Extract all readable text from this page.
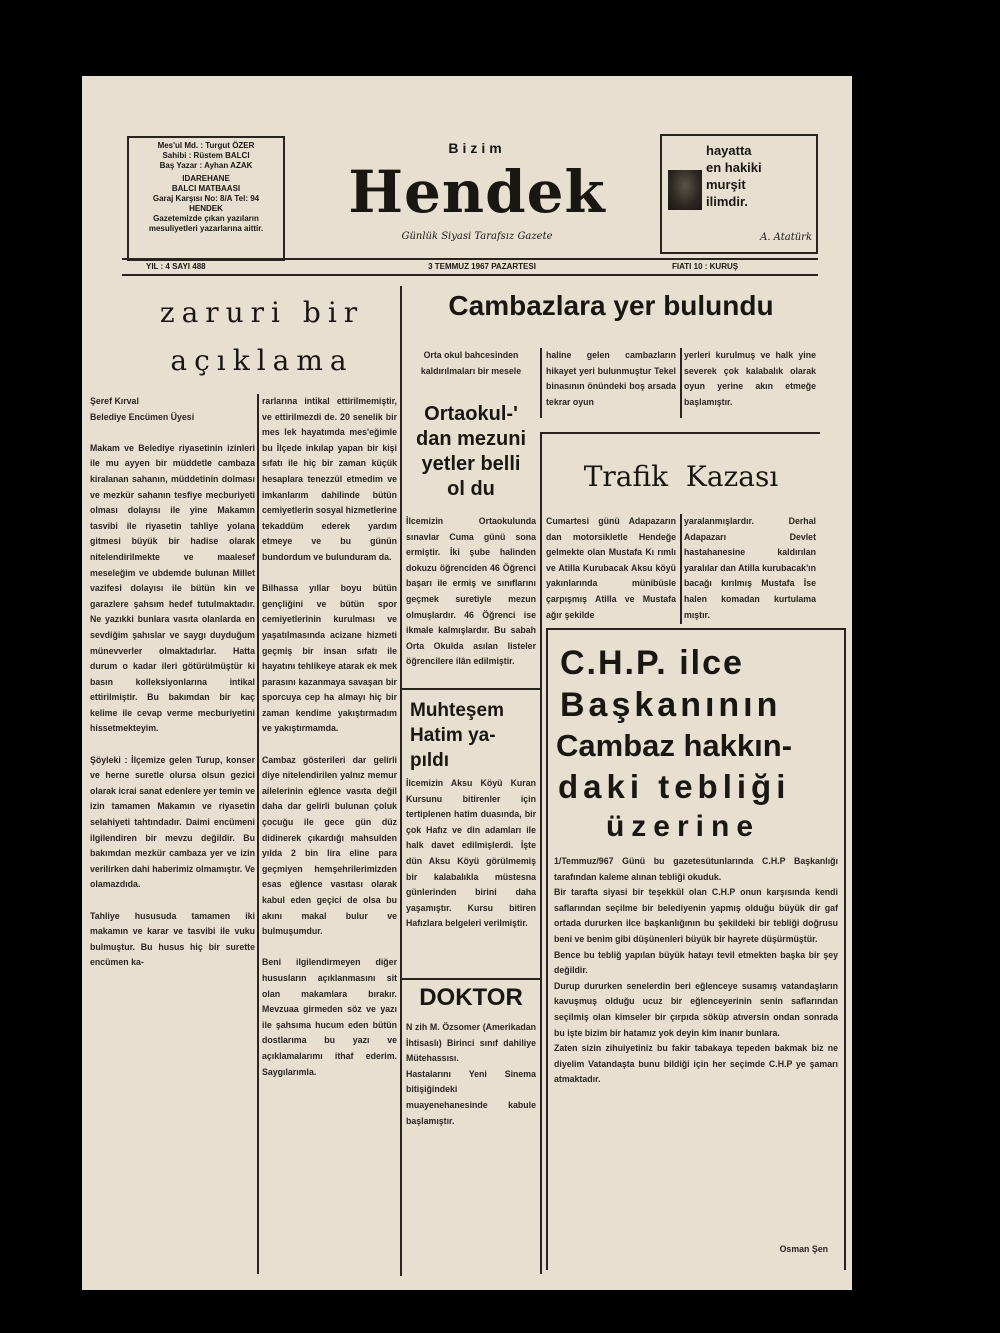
Mes'ul Md. : Turgut ÖZER
Sahibi : Rüstem BALCI
Baş Yazar : Ayhan AZAK
IDAREHANE
BALCI MATBAASI
Garaj Karşısı No: 8/A Tel: 94
HENDEK
Gazetemizde çıkan yazıların
mesuliyetleri yazarlarına aittir.
Bizim
Hendek
Günlük Siyasi Tarafsız Gazete
hayatta
en hakiki
murşit
ilimdir.
A. Atatürk
YIL : 4 SAYI 488	3 TEMMUZ 1967 PAZARTESI	FIATI 10 : KURUŞ
zaruri bir
açıklama
Şeref Kırval
Belediye Encümen Üyesi

Makam ve Belediye riyasetinin izinleri ile mu ayyen bir müddetle cambaza kiralanan sahanın, müddetinin dolması ve mezkür sahanın tesfiye mecburiyeti olması dolayısı ile yine Makamın tasvibi ile riyasetin tahliye yolana gitmesi büyük bir hadise olarak nitelendirilmekte ve maalesef meseleğim ve ubdemde bulunan Millet vazifesi dolayısı ile bütün kin ve garazlere şahsım hedef tutulmaktadır. Ne yazıkki bunlara vasıta olanlarda en sevdiğim şahıslar ve saygı duyduğum münevverler olmaktadırlar. Hatta durum o kadar ileri götürülmüştür ki basın kolleksiyonlarına intikal ettirilmiştir. Bu bakımdan bir kaç kelime ile cevap verme mecburiyetini hissetmekteyim.

Şöyleki : İlçemize gelen Turup, konser ve herne suretle olursa olsun gezici olarak icrai sanat edenlere yer temin ve izin tamamen Makamın ve riyasetin selahiyeti tahtındadır. Daimi encümeni ilgilendiren bir mevzu değildir. Bu bakımdan mezkür cambaza yer ve izin verilirken dahi haberimiz olmamıştır. Ve olamazdıda.

Tahliye hususuda tamamen iki makamın ve karar ve tasvibi ile vuku bulmuştur. Bu husus hiç bir surette encümen ka-
rarlarına intikal ettirilmemiştir, ve ettirilmezdi de. 20 senelik bir mes lek hayatımda mes'eğimle bu İlçede inkılap yapan bir kişi sıfatı ile hiç bir zaman küçük hesaplara tenezzül etmedim ve imkanlarım dahilinde bütün cemiyetlerin sosyal hizmetlerine tekaddüm ederek yardım etmeye ve bu günün bundordum ve bulunduram da.

Bilhassa yıllar boyu bütün gençliğini ve bütün spor cemiyetlerinin kurulması ve yaşatılmasında acizane hizmeti geçmiş bir insan sıfatı ile hayatını tehlikeye atarak ek mek parasını kazanmaya savaşan bir sporcuya cep ha almayı hiç bir zaman kendime yakıştırmadım ve yakıştırmamda.

Cambaz gösterileri dar gelirli diye nitelendirilen yalnız memur ailelerinin eğlence vasıta değil daha dar gelirli bulunan çoluk çocuğu ile gece gün düz didinerek çıkardığı mahsulden yılda 2 bin lira eline para geçmiyen hemşehrilerimizden esas eğlence vasıtası olarak kabul eden geçici de olsa bu akını makal bulur ve bulmuşumdur.

Beni ilgilendirmeyen diğer hususların açıklanmasını sit olan makamlara bırakır. Mevzuaa girmeden söz ve yazı ile şahsıma hucum eden bütün dostlarıma bu yazı ve açıklamalarımı ithaf ederim. Saygılarımla.
Cambazlara yer bulundu
Orta okul bahcesinden kaldırılmaları bir mesele
haline gelen cambazların hikayet yeri bulunmuştur Tekel binasının önündeki boş arsada tekrar oyun
yerleri kurulmuş ve halk yine severek çok kalabalık olarak oyun yerine akın etmeğe başlamıştır.
Ortaokul-'
dan mezuni
yetler belli
ol du
İlcemizin Ortaokulunda sınavlar Cuma günü sona ermiştir. İki şube halinden dokuzu öğrenciden 46 Öğrenci başarı ile ermiş ve sınıflarını geçmek suretiyle mezun olmuşlardır. 46 Öğrenci ise ikmale kalmışlardır. Bu sabah Orta Okulda asılan listeler öğrencilere ilân edilmiştir.
Muhteşem
Hatim ya-
pıldı
İlcemizin Aksu Köyü Kuran Kursunu bitirenler için tertiplenen hatim duasında, bir çok Hafız ve din adamları ile halk davet edilmişlerdi. İşte dün Aksu Köyü görülmemiş bir kalabalıkla müstesna günlerinden birini daha yaşamıştır. Kursu bitiren Hafızlara belgeleri verilmiştir.
DOKTOR
N zih M. Özsomer (Amerikadan İhtisaslı) Birinci sınıf dahiliye Mütehassısı.
Hastalarını Yeni Sinema bitişiğindeki muayenehanesinde kabule başlamıştır.
Trafik  Kazası
Cumartesi günü Adapazarın dan motorsikletle Hendeğe gelmekte olan Mustafa Kı rımlı ve Atilla Kurubacak Aksu köyü yakınlarında münibüsle çarpışmış Atilla ve Mustafa ağır şekilde
yaralanmışlardır. Derhal Adapazarı Devlet hastahanesine kaldırılan yaralılar dan Atilla kurubacak'ın bacağı kırılmış Mustafa İse halen komadan kurtulama mıştır.
C.H.P. ilce
Başkanının
Cambaz hakkın-
daki tebliği
üzerine
1/Temmuz/967 Günü bu gazetesütunlarında C.H.P Başkanlığı tarafından kaleme alınan tebliği okuduk.
Bir tarafta siyasi bir teşekkül olan C.H.P onun karşısında kendi saflarından seçilme bir belediyenin yapmış olduğu büyük dir gaf ortada dururken ilce başkanlığının bu şekildeki bir tebliği doğrusu beni ve benim gibi düşünenleri büyük bir hayrete düşürmüştür.
Bence bu tebliğ yapılan büyük hatayı tevil etmekten başka bir şey değildir.
Durup dururken senelerdin beri eğlenceye susamış vatandaşların kavuşmuş olduğu ucuz bir eğlenceyerinin senin saflarından seçilmiş olan kimseler bir çırpıda söküp atıversin ondan sonrada bu işte bizim bir hatamız yok deyin kim inanır bunlara.
Zaten sizin zihuiyetiniz bu fakir tabakaya tepeden bakmak biz ne diyelim Vatandaşta bunu bildiği için her seçimde C.H.P ye şamarı atmaktadır.
Osman Şen
